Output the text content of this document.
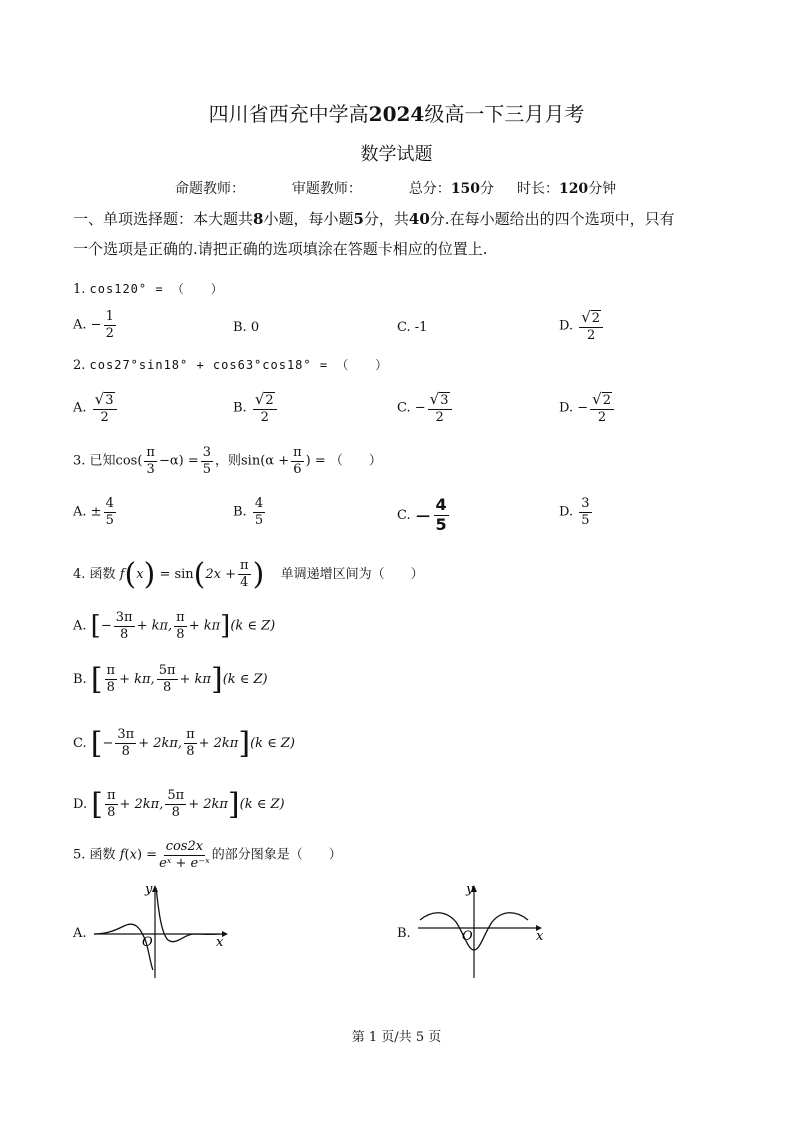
四川省西充中学高2024级高一下三月月考
数学试题
命题教师：	审题教师：	总分：150分 时长：120分钟
一、单项选择题：本大题共8小题，每小题5分，共40分.在每小题给出的四个选项中，只有
一个选项是正确的.请把正确的选项填涂在答题卡相应的位置上.
1. cos120° = （　　）
A. − $\frac{1}{2}$	B. 0	C. -1	D. $\frac{√2}{2}$
2. cos27°sin18° + cos63°cos18° = （　　）
A. $\frac{√3}{2}$	B. $\frac{√2}{2}$	C. − $\frac{√3}{2}$	D. − $\frac{√2}{2}$
3. 已知$\cos( \frac{\pi}{3} -\alpha) = \frac{3}{5}$ ，则$\sin(\alpha + \frac{\pi}{6}$ ) = （　　）
A. ± $\frac{4}{5}$	B. $\frac{4}{5}$	C. − $\frac{4}{5}$	D. $\frac{3}{5}$
4. 函数 $f(x) = \sin(2x + \frac{\pi}{4}$ ) 单调递增区间为（　　）
A. [− $\frac{3\pi}{8} + k\pi$, $\frac{\pi}{8} + k\pi](k$ ∈ Z)
B. [ $\frac{\pi}{8} + k\pi$, $\frac{5\pi}{8} + k\pi](k$ ∈ Z)
C. [− $\frac{3\pi}{8} + 2k\pi$, $\frac{\pi}{8} + 2k\pi](k$ ∈ Z)
D. [ $\frac{\pi}{8} + 2k\pi$, $\frac{5\pi}{8} + 2k\pi](k$ ∈ Z)
5. 函数 $f(x) = \frac{\cos 2x}{\text{eˣ + e⁻ˣ}}$ 的部分图象是（　　）
A.
y
x
O
B.
y
x
O
第 1 页/共 5 页
